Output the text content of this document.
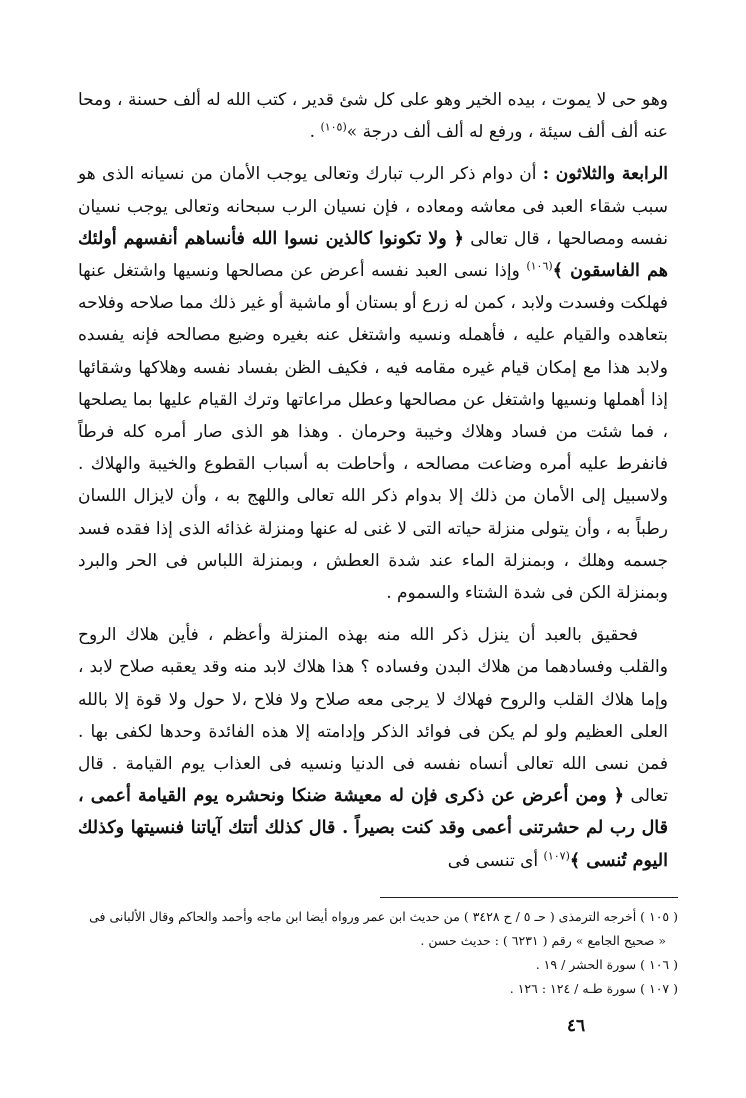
وهو حى لا يموت ، بيده الخير وهو على كل شئ قدير ، كتب الله له ألف حسنة ، ومحا عنه ألف ألف سيئة ، ورفع له ألف ألف درجة »$^{(١٠٥)}$ .

الرابعة والثلاثون : أن دوام ذكر الرب تبارك وتعالى يوجب الأمان من نسيانه الذى هو سبب شقاء العبد فى معاشه ومعاده ، فإن نسيان الرب سبحانه وتعالى يوجب نسيان نفسه ومصالحها ، قال تعالى ﴿ ولا تكونوا كالذين نسوا الله فأنساهم أنفسهم أولئك هم الفاسقون ﴾$^{(١٠٦)}$ وإذا نسى العبد نفسه أعرض عن مصالحها ونسيها واشتغل عنها فهلكت وفسدت ولابد ، كمن له زرع أو بستان أو ماشية أو غير ذلك مما صلاحه وفلاحه بتعاهده والقيام عليه ، فأهمله ونسيه واشتغل عنه بغيره وضيع مصالحه فإنه يفسده ولابد هذا مع إمكان قيام غيره مقامه فيه ، فكيف الظن بفساد نفسه وهلاكها وشقائها إذا أهملها ونسيها واشتغل عن مصالحها وعطل مراعاتها وترك القيام عليها بما يصلحها ، فما شئت من فساد وهلاك وخيبة وحرمان . وهذا هو الذى صار أمره كله فرطاً فانفرط عليه أمره وضاعت مصالحه ، وأحاطت به أسباب القطوع والخيبة والهلاك . ولاسبيل إلى الأمان من ذلك إلا بدوام ذكر الله تعالى واللهج به ، وأن لايزال اللسان رطباً به ، وأن يتولى منزلة حياته التى لا غنى له عنها ومنزلة غذائه الذى إذا فقده فسد جسمه وهلك ، وبمنزلة الماء عند شدة العطش ، وبمنزلة اللباس فى الحر والبرد وبمنزلة الكن فى شدة الشتاء والسموم .

فحقيق بالعبد أن ينزل ذكر الله منه بهذه المنزلة وأعظم ، فأين هلاك الروح والقلب وفسادهما من هلاك البدن وفساده ؟ هذا هلاك لابد منه وقد يعقبه صلاح لابد ، وإما هلاك القلب والروح فهلاك لا يرجى معه صلاح ولا فلاح ،لا حول ولا قوة إلا بالله العلى العظيم ولو لم يكن فى فوائد الذكر وإدامته إلا هذه الفائدة وحدها لكفى بها . فمن نسى الله تعالى أنساه نفسه فى الدنيا ونسيه فى العذاب يوم القيامة . قال تعالى ﴿ ومن أعرض عن ذكرى فإن له معيشة ضنكا ونحشره يوم القيامة أعمى ، قال رب لم حشرتنى أعمى وقد كنت بصيراً . قال كذلك أتتك آياتنا فنسيتها وكذلك اليوم تُنسى ﴾$^{(١٠٧)}$ أى تنسى فى

( ١٠٥ ) أخرجه الترمذى ( حـ ٥ / ح ٣٤٢٨ ) من حديث ابن عمر ورواه أيضا ابن ماجه وأحمد والحاكم وقال الألبانى فى

« صحيح الجامع » رقم ( ٦٢٣١ ) : حديث حسن .

( ١٠٦ ) سورة الحشر / ١٩ .

( ١٠٧ ) سورة طـه / ١٢٤ : ١٢٦ .

٤٦
